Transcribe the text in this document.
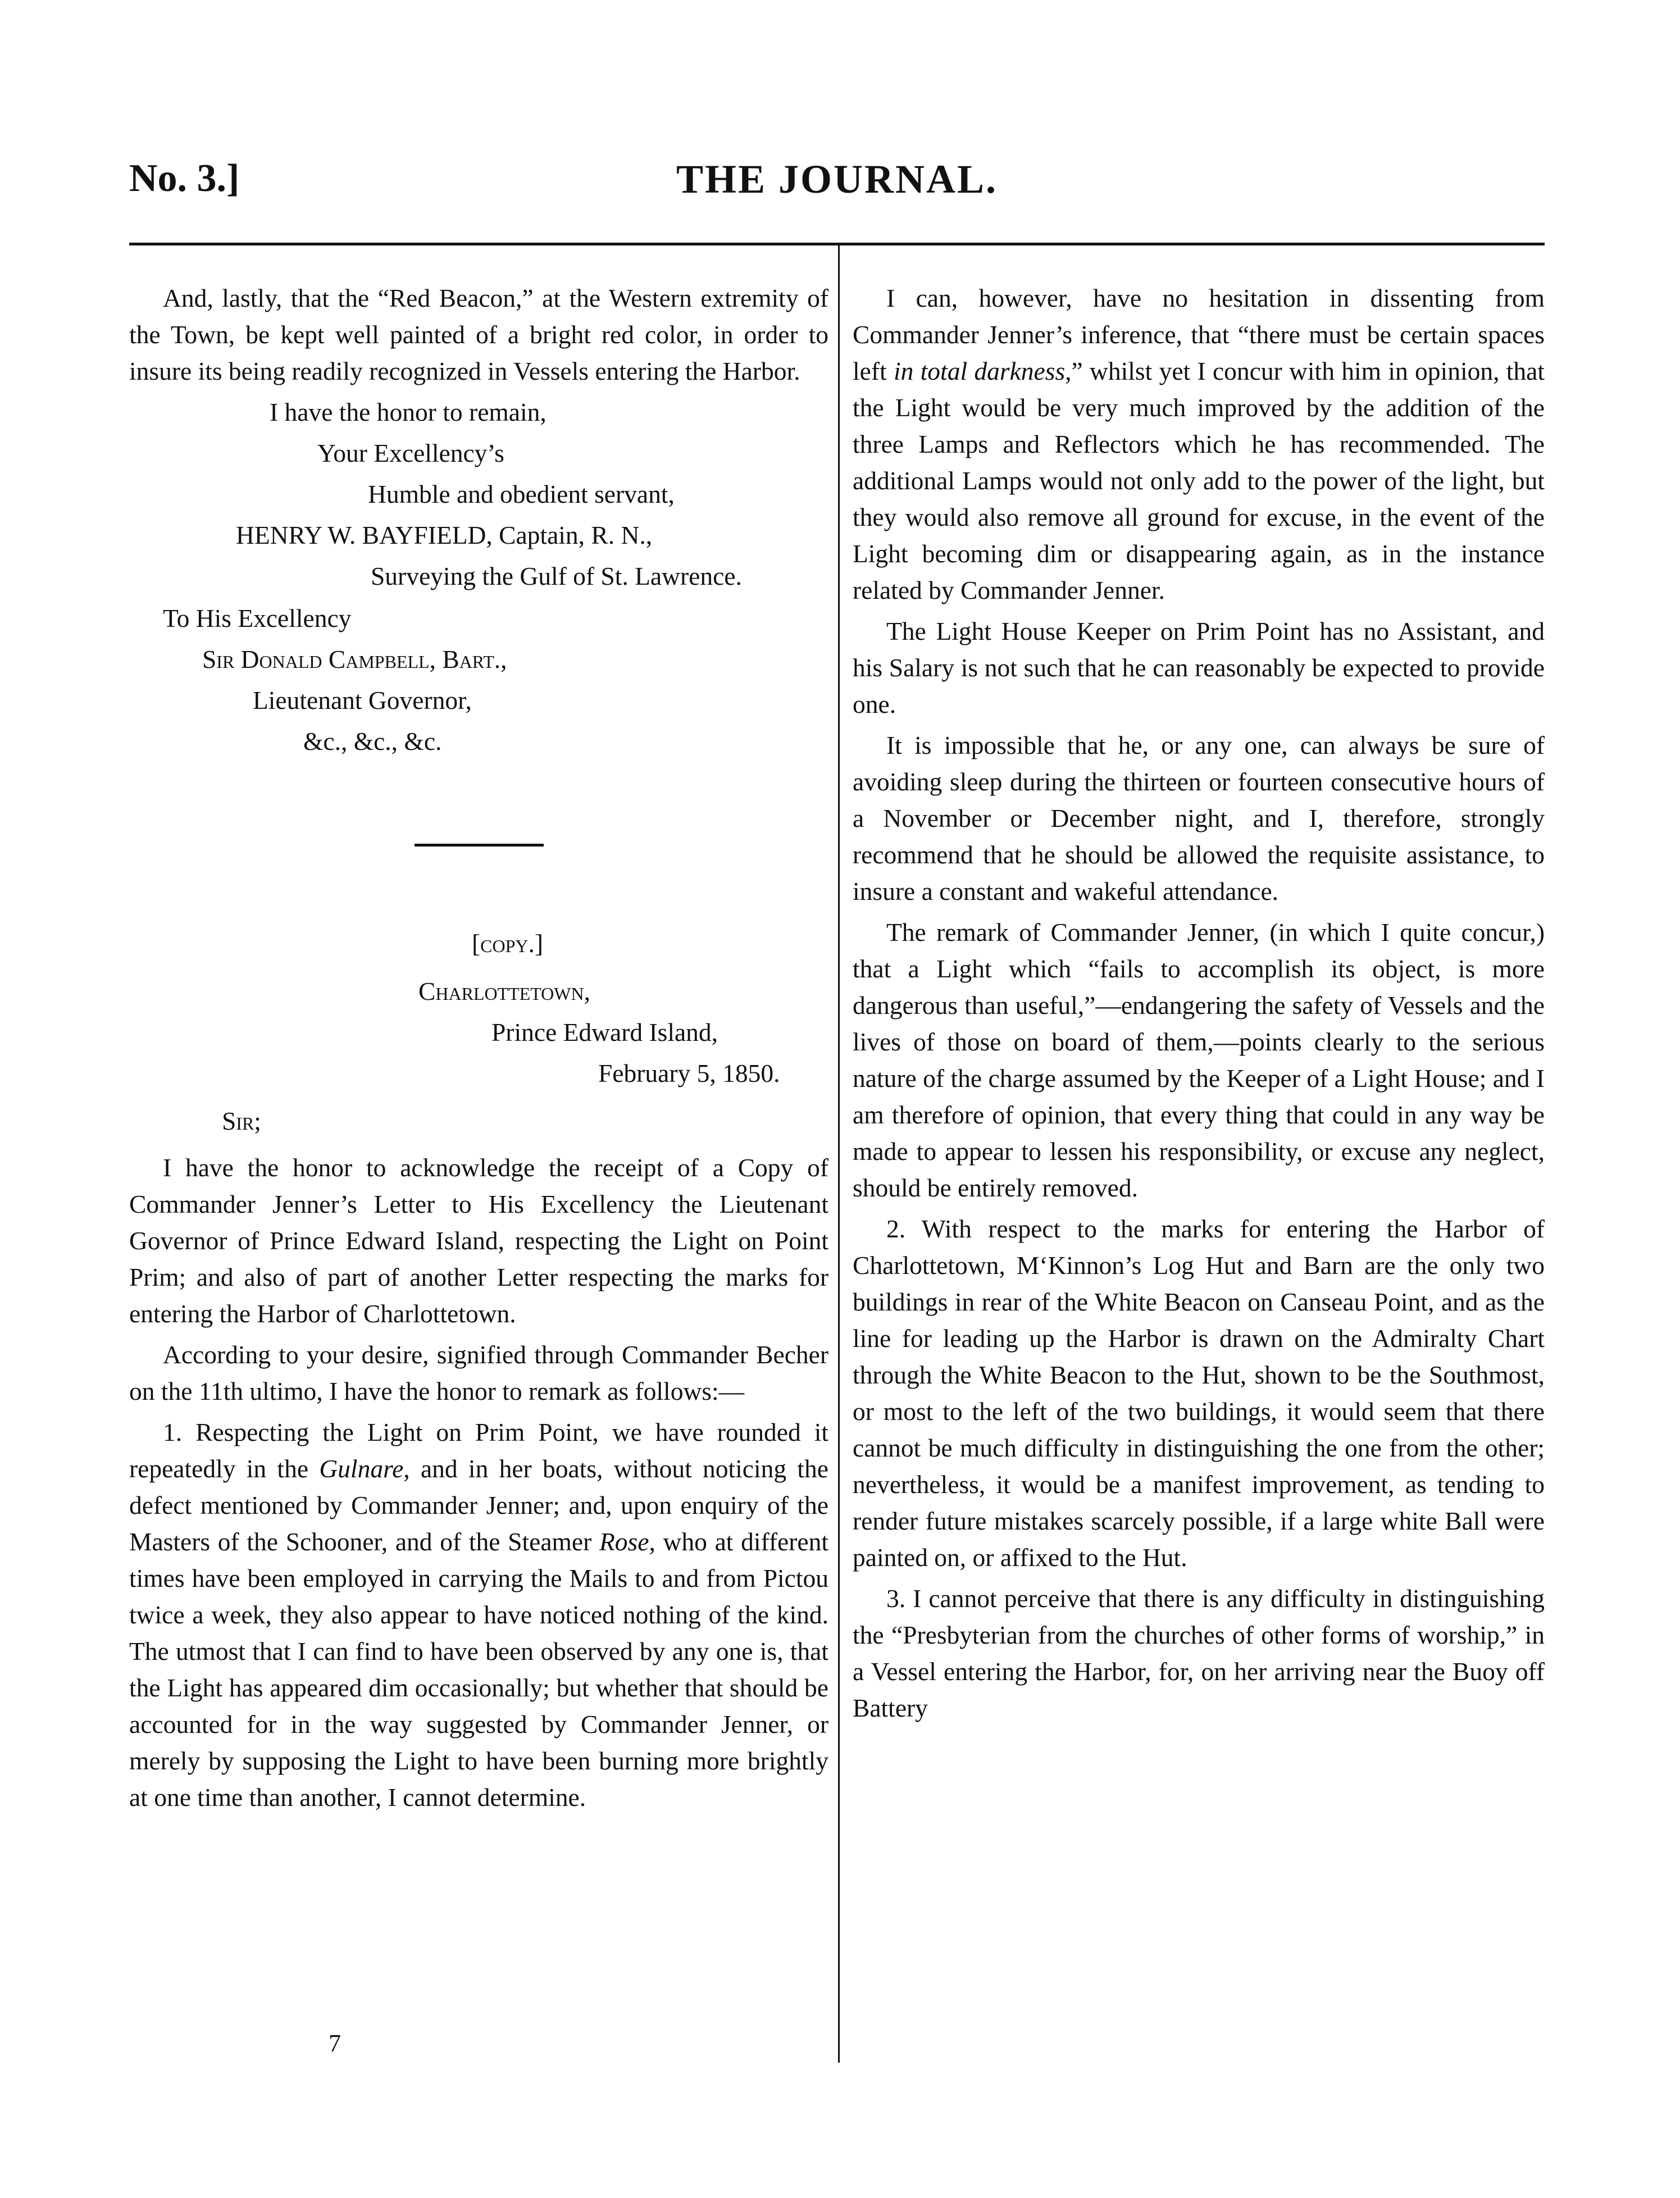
No. 3.]	THE JOURNAL.

And, lastly, that the “Red Beacon,” at the Western extremity of the Town, be kept well painted of a bright red color, in order to insure its being readily recognized in Vessels entering the Harbor.

I have the honor to remain,

Your Excellency’s

Humble and obedient servant,

HENRY W. BAYFIELD, Captain, R. N.,

Surveying the Gulf of St. Lawrence.

To His Excellency

Sir Donald Campbell, Bart.,

Lieutenant Governor,

&c., &c., &c.

[copy.]

Charlottetown,

Prince Edward Island,

February 5, 1850.

Sir;

I have the honor to acknowledge the receipt of a Copy of Commander Jenner’s Letter to His Excellency the Lieutenant Governor of Prince Edward Island, respecting the Light on Point Prim; and also of part of another Letter respecting the marks for entering the Harbor of Charlottetown.

According to your desire, signified through Commander Becher on the 11th ultimo, I have the honor to remark as follows:—

1. Respecting the Light on Prim Point, we have rounded it repeatedly in the Gulnare, and in her boats, without noticing the defect mentioned by Commander Jenner; and, upon enquiry of the Masters of the Schooner, and of the Steamer Rose, who at different times have been employed in carrying the Mails to and from Pictou twice a week, they also appear to have noticed nothing of the kind. The utmost that I can find to have been observed by any one is, that the Light has appeared dim occasionally; but whether that should be accounted for in the way suggested by Commander Jenner, or merely by supposing the Light to have been burning more brightly at one time than another, I cannot determine.

7

I can, however, have no hesitation in dissenting from Commander Jenner’s inference, that “there must be certain spaces left in total darkness,” whilst yet I concur with him in opinion, that the Light would be very much improved by the addition of the three Lamps and Reflectors which he has recommended. The additional Lamps would not only add to the power of the light, but they would also remove all ground for excuse, in the event of the Light becoming dim or disappearing again, as in the instance related by Commander Jenner.

The Light House Keeper on Prim Point has no Assistant, and his Salary is not such that he can reasonably be expected to provide one.

It is impossible that he, or any one, can always be sure of avoiding sleep during the thirteen or fourteen consecutive hours of a November or December night, and I, therefore, strongly recommend that he should be allowed the requisite assistance, to insure a constant and wakeful attendance.

The remark of Commander Jenner, (in which I quite concur,) that a Light which “fails to accomplish its object, is more dangerous than useful,”—endangering the safety of Vessels and the lives of those on board of them,—points clearly to the serious nature of the charge assumed by the Keeper of a Light House; and I am therefore of opinion, that every thing that could in any way be made to appear to lessen his responsibility, or excuse any neglect, should be entirely removed.

2. With respect to the marks for entering the Harbor of Charlottetown, M‘Kinnon’s Log Hut and Barn are the only two buildings in rear of the White Beacon on Canseau Point, and as the line for leading up the Harbor is drawn on the Admiralty Chart through the White Beacon to the Hut, shown to be the Southmost, or most to the left of the two buildings, it would seem that there cannot be much difficulty in distinguishing the one from the other; nevertheless, it would be a manifest improvement, as tending to render future mistakes scarcely possible, if a large white Ball were painted on, or affixed to the Hut.

3. I cannot perceive that there is any difficulty in distinguishing the “Presbyterian from the churches of other forms of worship,” in a Vessel entering the Harbor, for, on her arriving near the Buoy off Battery
